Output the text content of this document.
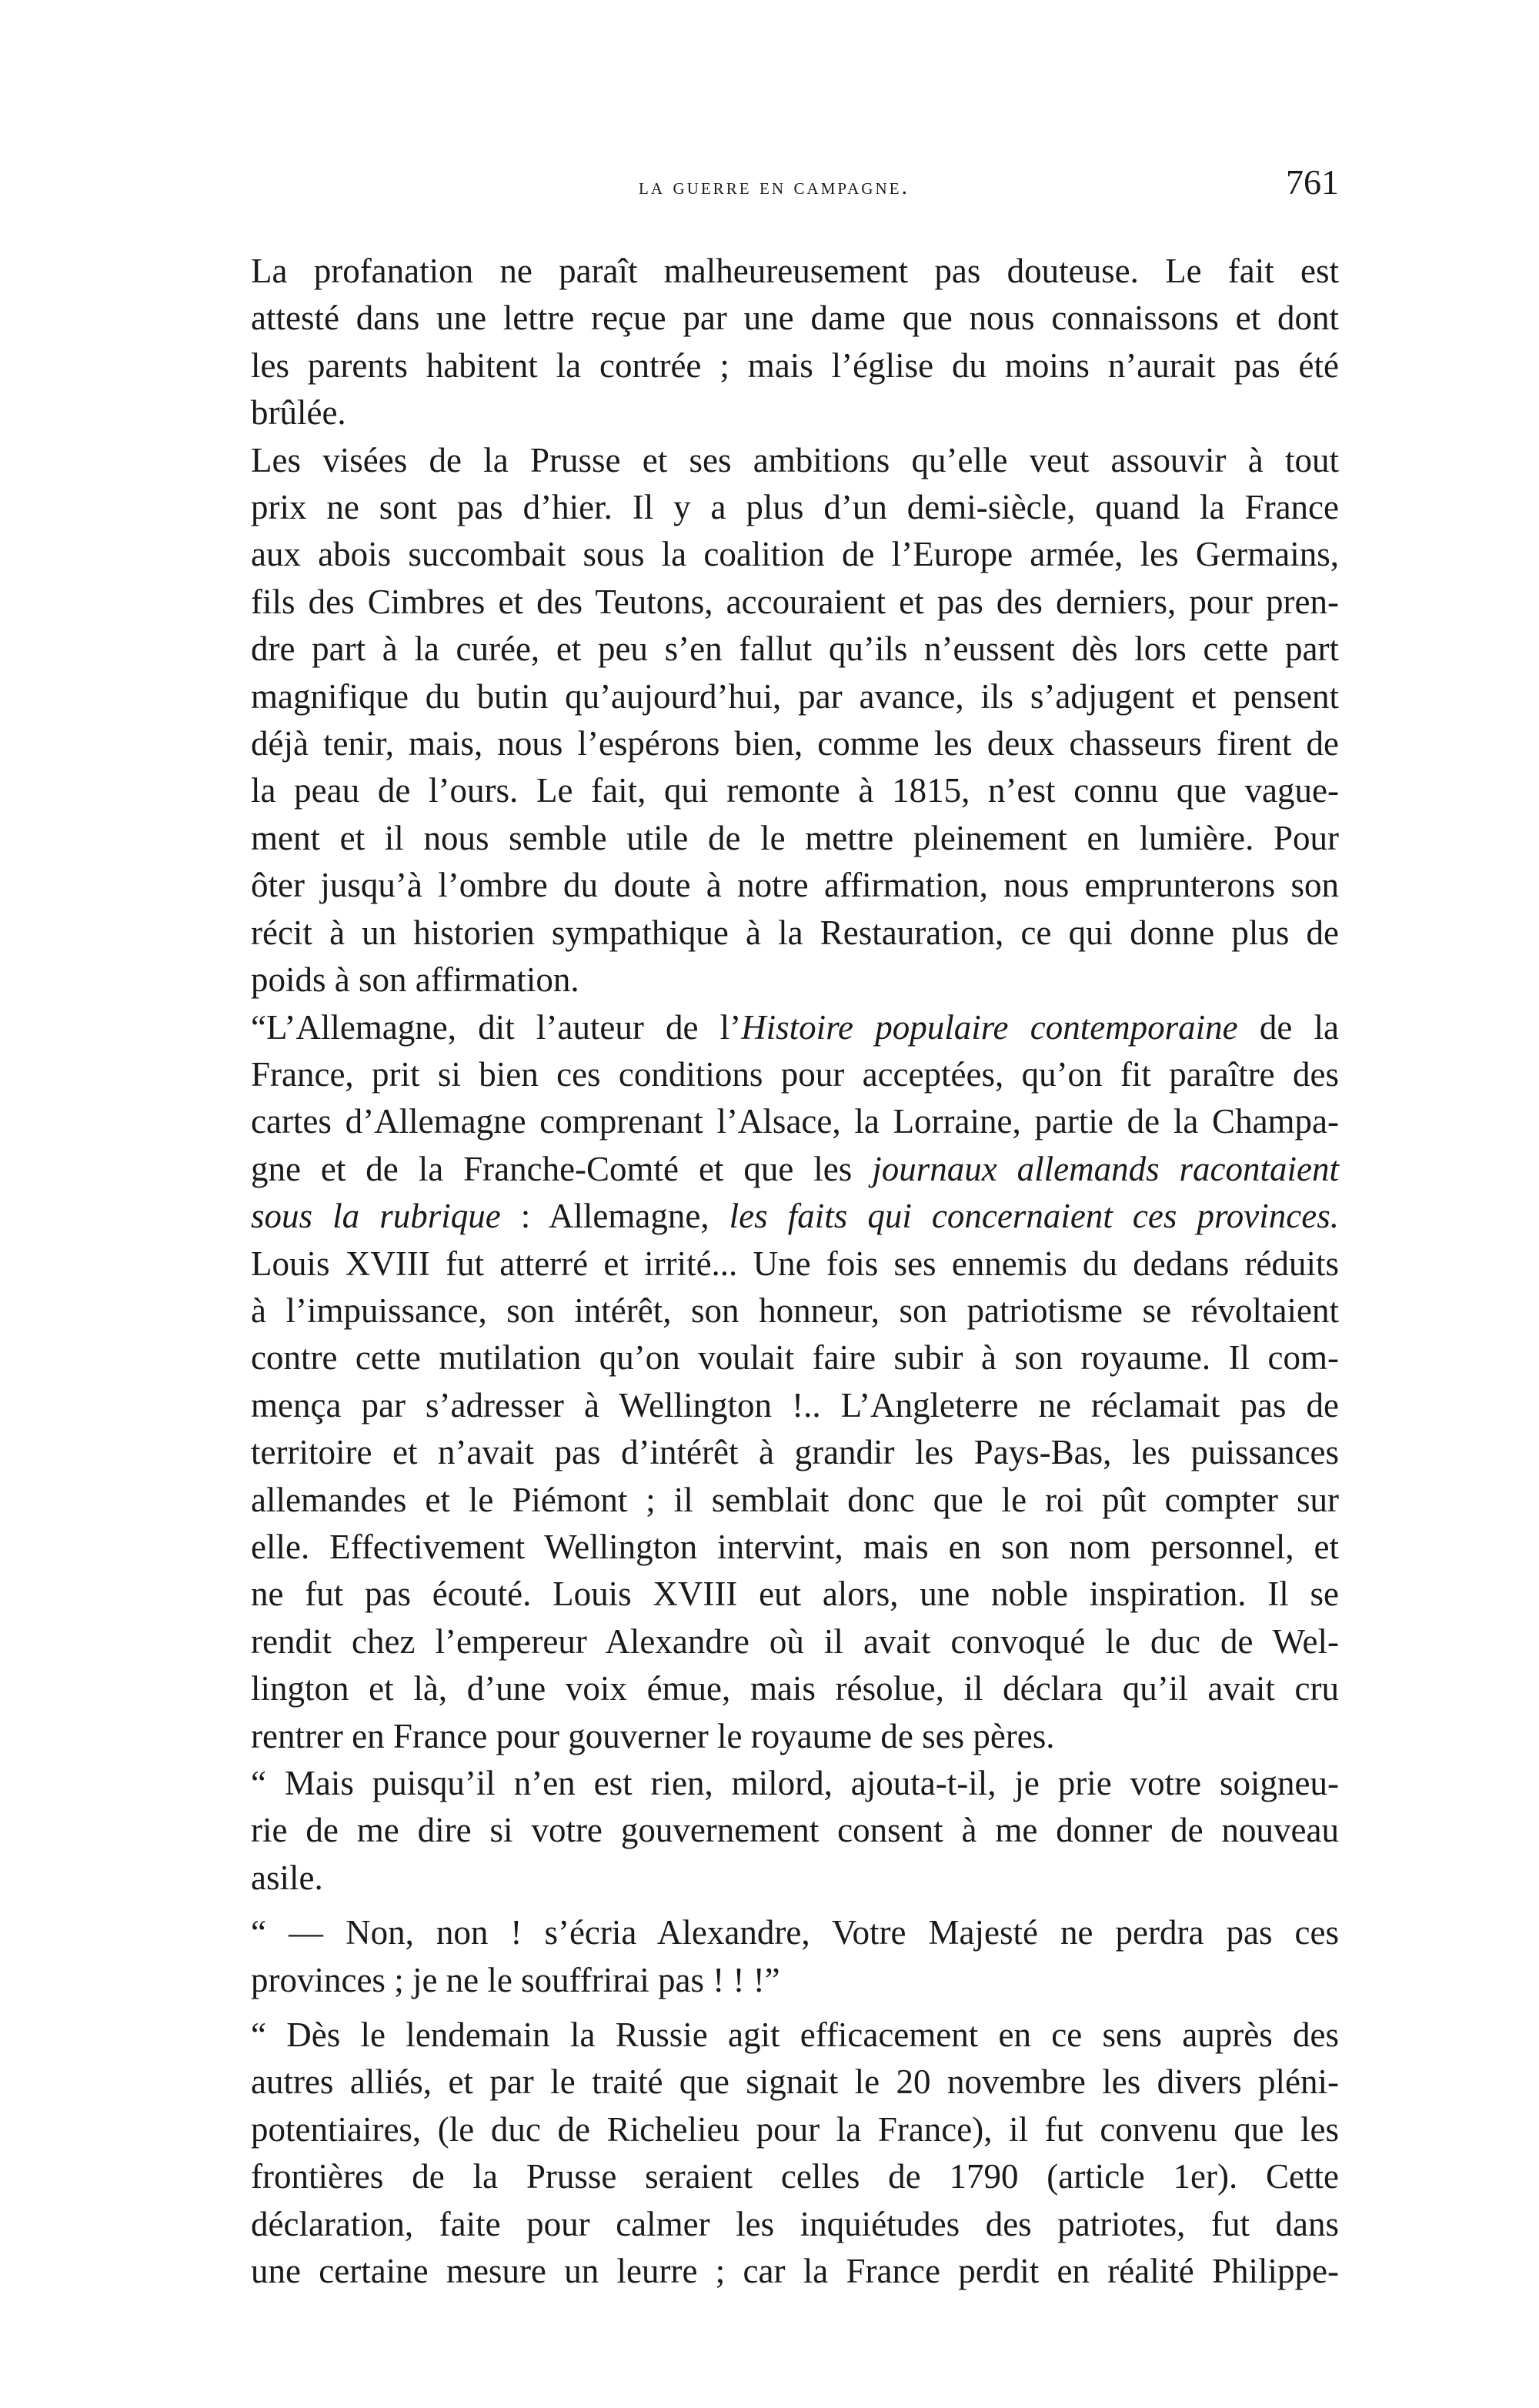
la guerre en campagne.	761

La profanation ne paraît malheureusement pas douteuse. Le fait est
attesté dans une lettre reçue par une dame que nous connaissons et dont
les parents habitent la contrée ; mais l’église du moins n’aurait pas été
brûlée.

Les visées de la Prusse et ses ambitions qu’elle veut assouvir à tout
prix ne sont pas d’hier. Il y a plus d’un demi-siècle, quand la France
aux abois succombait sous la coalition de l’Europe armée, les Germains,
fils des Cimbres et des Teutons, accouraient et pas des derniers, pour pren-
dre part à la curée, et peu s’en fallut qu’ils n’eussent dès lors cette part
magnifique du butin qu’aujourd’hui, par avance, ils s’adjugent et pensent
déjà tenir, mais, nous l’espérons bien, comme les deux chasseurs firent de
la peau de l’ours. Le fait, qui remonte à 1815, n’est connu que vague-
ment et il nous semble utile de le mettre pleinement en lumière. Pour
ôter jusqu’à l’ombre du doute à notre affirmation, nous emprunterons son
récit à un historien sympathique à la Restauration, ce qui donne plus de
poids à son affirmation.

“L’Allemagne, dit l’auteur de l’Histoire populaire contemporaine de la
France, prit si bien ces conditions pour acceptées, qu’on fit paraître des
cartes d’Allemagne comprenant l’Alsace, la Lorraine, partie de la Champa-
gne et de la Franche-Comté et que les journaux allemands racontaient
sous la rubrique : Allemagne, les faits qui concernaient ces provinces.
Louis XVIII fut atterré et irrité... Une fois ses ennemis du dedans réduits
à l’impuissance, son intérêt, son honneur, son patriotisme se révoltaient
contre cette mutilation qu’on voulait faire subir à son royaume. Il com-
mença par s’adresser à Wellington !.. L’Angleterre ne réclamait pas de
territoire et n’avait pas d’intérêt à grandir les Pays-Bas, les puissances
allemandes et le Piémont ; il semblait donc que le roi pût compter sur
elle. Effectivement Wellington intervint, mais en son nom personnel, et
ne fut pas écouté. Louis XVIII eut alors, une noble inspiration. Il se
rendit chez l’empereur Alexandre où il avait convoqué le duc de Wel-
lington et là, d’une voix émue, mais résolue, il déclara qu’il avait cru
rentrer en France pour gouverner le royaume de ses pères.

“ Mais puisqu’il n’en est rien, milord, ajouta-t-il, je prie votre soigneu-
rie de me dire si votre gouvernement consent à me donner de nouveau
asile.

“ — Non, non ! s’écria Alexandre, Votre Majesté ne perdra pas ces
provinces ; je ne le souffrirai pas ! ! !”

“ Dès le lendemain la Russie agit efficacement en ce sens auprès des
autres alliés, et par le traité que signait le 20 novembre les divers pléni-
potentiaires, (le duc de Richelieu pour la France), il fut convenu que les
frontières de la Prusse seraient celles de 1790 (article 1er). Cette
déclaration, faite pour calmer les inquiétudes des patriotes, fut dans
une certaine mesure un leurre ; car la France perdit en réalité Philippe-
